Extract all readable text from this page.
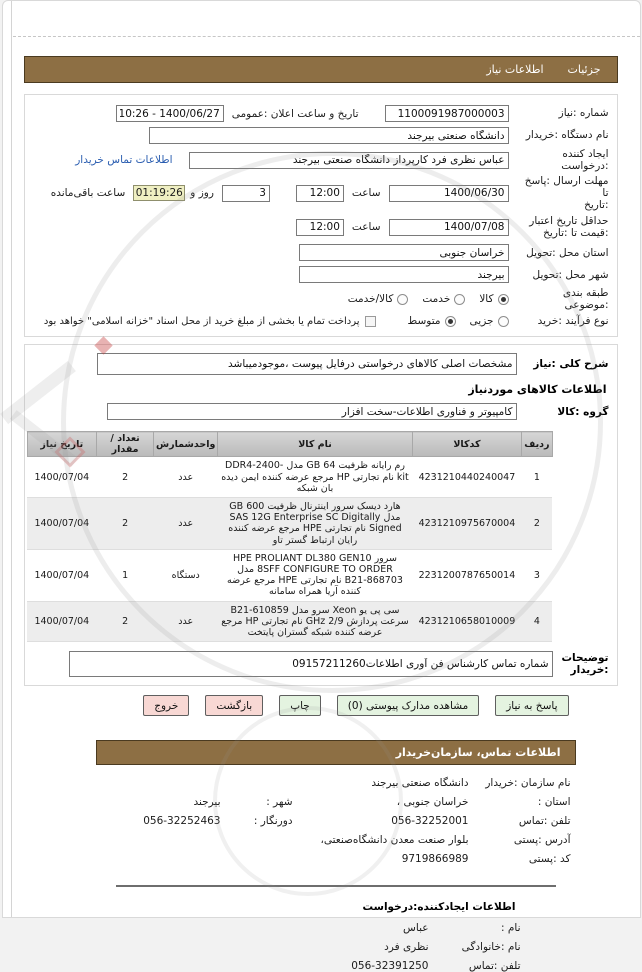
جزئیات
اطلاعات نیاز
شماره :نیاز
1100091987000003
تاریخ و ساعت اعلان :عمومی
1400/06/27 - 10:26
نام دستگاه :خریدار
دانشگاه صنعتی بیرجند
ایجاد کننده :درخواست
عباس نظری فرد کارپرداز دانشگاه صنعتی بیرجند
اطلاعات تماس خریدار
مهلت ارسال :پاسخ تا
:تاریخ
1400/06/30
ساعت
12:00
3
روز و
01:19:26
ساعت باقی‌مانده
حداقل تاریخ اعتبار
:قیمت تا :تاریخ
1400/07/08
ساعت
12:00
استان محل :تحویل
خراسان جنوبی
شهر محل :تحویل
بیرجند
طبقه بندی :موضوعی
کالا
خدمت
کالا/خدمت
نوع فرآیند :خرید
جزیی
متوسط
پرداخت تمام یا بخشی از مبلغ خرید از محل اسناد "خزانه اسلامی" خواهد بود
شرح کلی :نیاز
مشخصات اصلی کالاهای درخواستی درفایل پیوست ،موجودمیباشد
اطلاعات کالاهای موردنیاز
گروه :کالا
کامپیوتر و فناوری اطلاعات-سخت افزار
ردیف	کدکالا	نام کالا	واحدشمارش	تعداد / مقدار	تاریخ نیاز
1	4231210440240047	رم رایانه ظرفیت 64 GB مدل DDR4-2400- kit نام تجارتی HP مرجع عرضه کننده ایمن دیده بان شبکه	عدد	2	1400/07/04
2	4231210975670004	هارد دیسک سرور اینترنال ظرفیت 600 GB مدل SAS 12G Enterprise SC Digitally Signed نام تجارتی HPE مرجع عرضه کننده رایان ارتباط گستر تاو	عدد	2	1400/07/04
3	2231200787650014	سرور HPE PROLIANT DL380 GEN10 8SFF CONFIGURE TO ORDER مدل 868703-B21 نام تجارتی HPE مرجع عرضه کننده آریا همراه سامانه	دستگاه	1	1400/07/04
4	4231210658010009	سی پی یو Xeon سرو مدل 610859-B21 سرعت پردازش 2/9 GHz نام تجارتی HP مرجع عرضه کننده شبکه گستران پایتخت	عدد	2	1400/07/04
توضیحات
:خریدار
شماره تماس کارشناس فن آوری اطلاعات09157211260
پاسخ به نیاز
مشاهده مدارک پیوستی (0)
چاپ
بازگشت
خروج
اطلاعات تماس، سازمان‌خریدار
نام سازمان :خریدار
دانشگاه صنعتی بیرجند
استان :
خراسان جنوبی ،
شهر :
بیرجند
تلفن :تماس
056-32252001
دورنگار :
056-32252463
آدرس :پستی
بلوار صنعت معدن دانشگاه‌صنعتی،
کد :پستی
9719866989
اطلاعات ایجادکننده:درخواست
نام :
عباس
نام :خانوادگی
نظری فرد
تلفن :تماس
056-32391250
